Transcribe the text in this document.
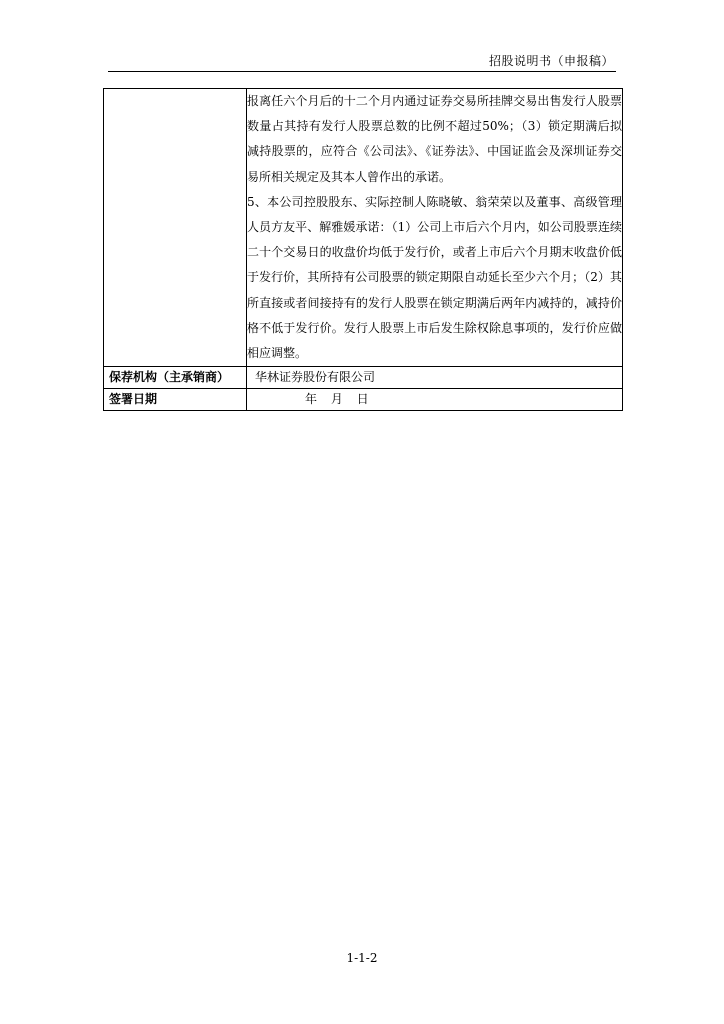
招股说明书（申报稿）

	报离任六个月后的十二个月内通过证券交易所挂牌交易出售发行人股票数量占其持有发行人股票总数的比例不超过50%；（3）锁定期满后拟减持股票的，应符合《公司法》、《证券法》、中国证监会及深圳证券交易所相关规定及其本人曾作出的承诺。

5、本公司控股股东、实际控制人陈晓敏、翁荣荣以及董事、高级管理人员方友平、解雅媛承诺：（1）公司上市后六个月内，如公司股票连续二十个交易日的收盘价均低于发行价，或者上市后六个月期末收盘价低于发行价，其所持有公司股票的锁定期限自动延长至少六个月；（2）其所直接或者间接持有的发行人股票在锁定期满后两年内减持的，减持价格不低于发行价。发行人股票上市后发生除权除息事项的，发行价应做相应调整。

保荐机构（主承销商）	华林证券股份有限公司
签署日期	年 月 日
1-1-2
